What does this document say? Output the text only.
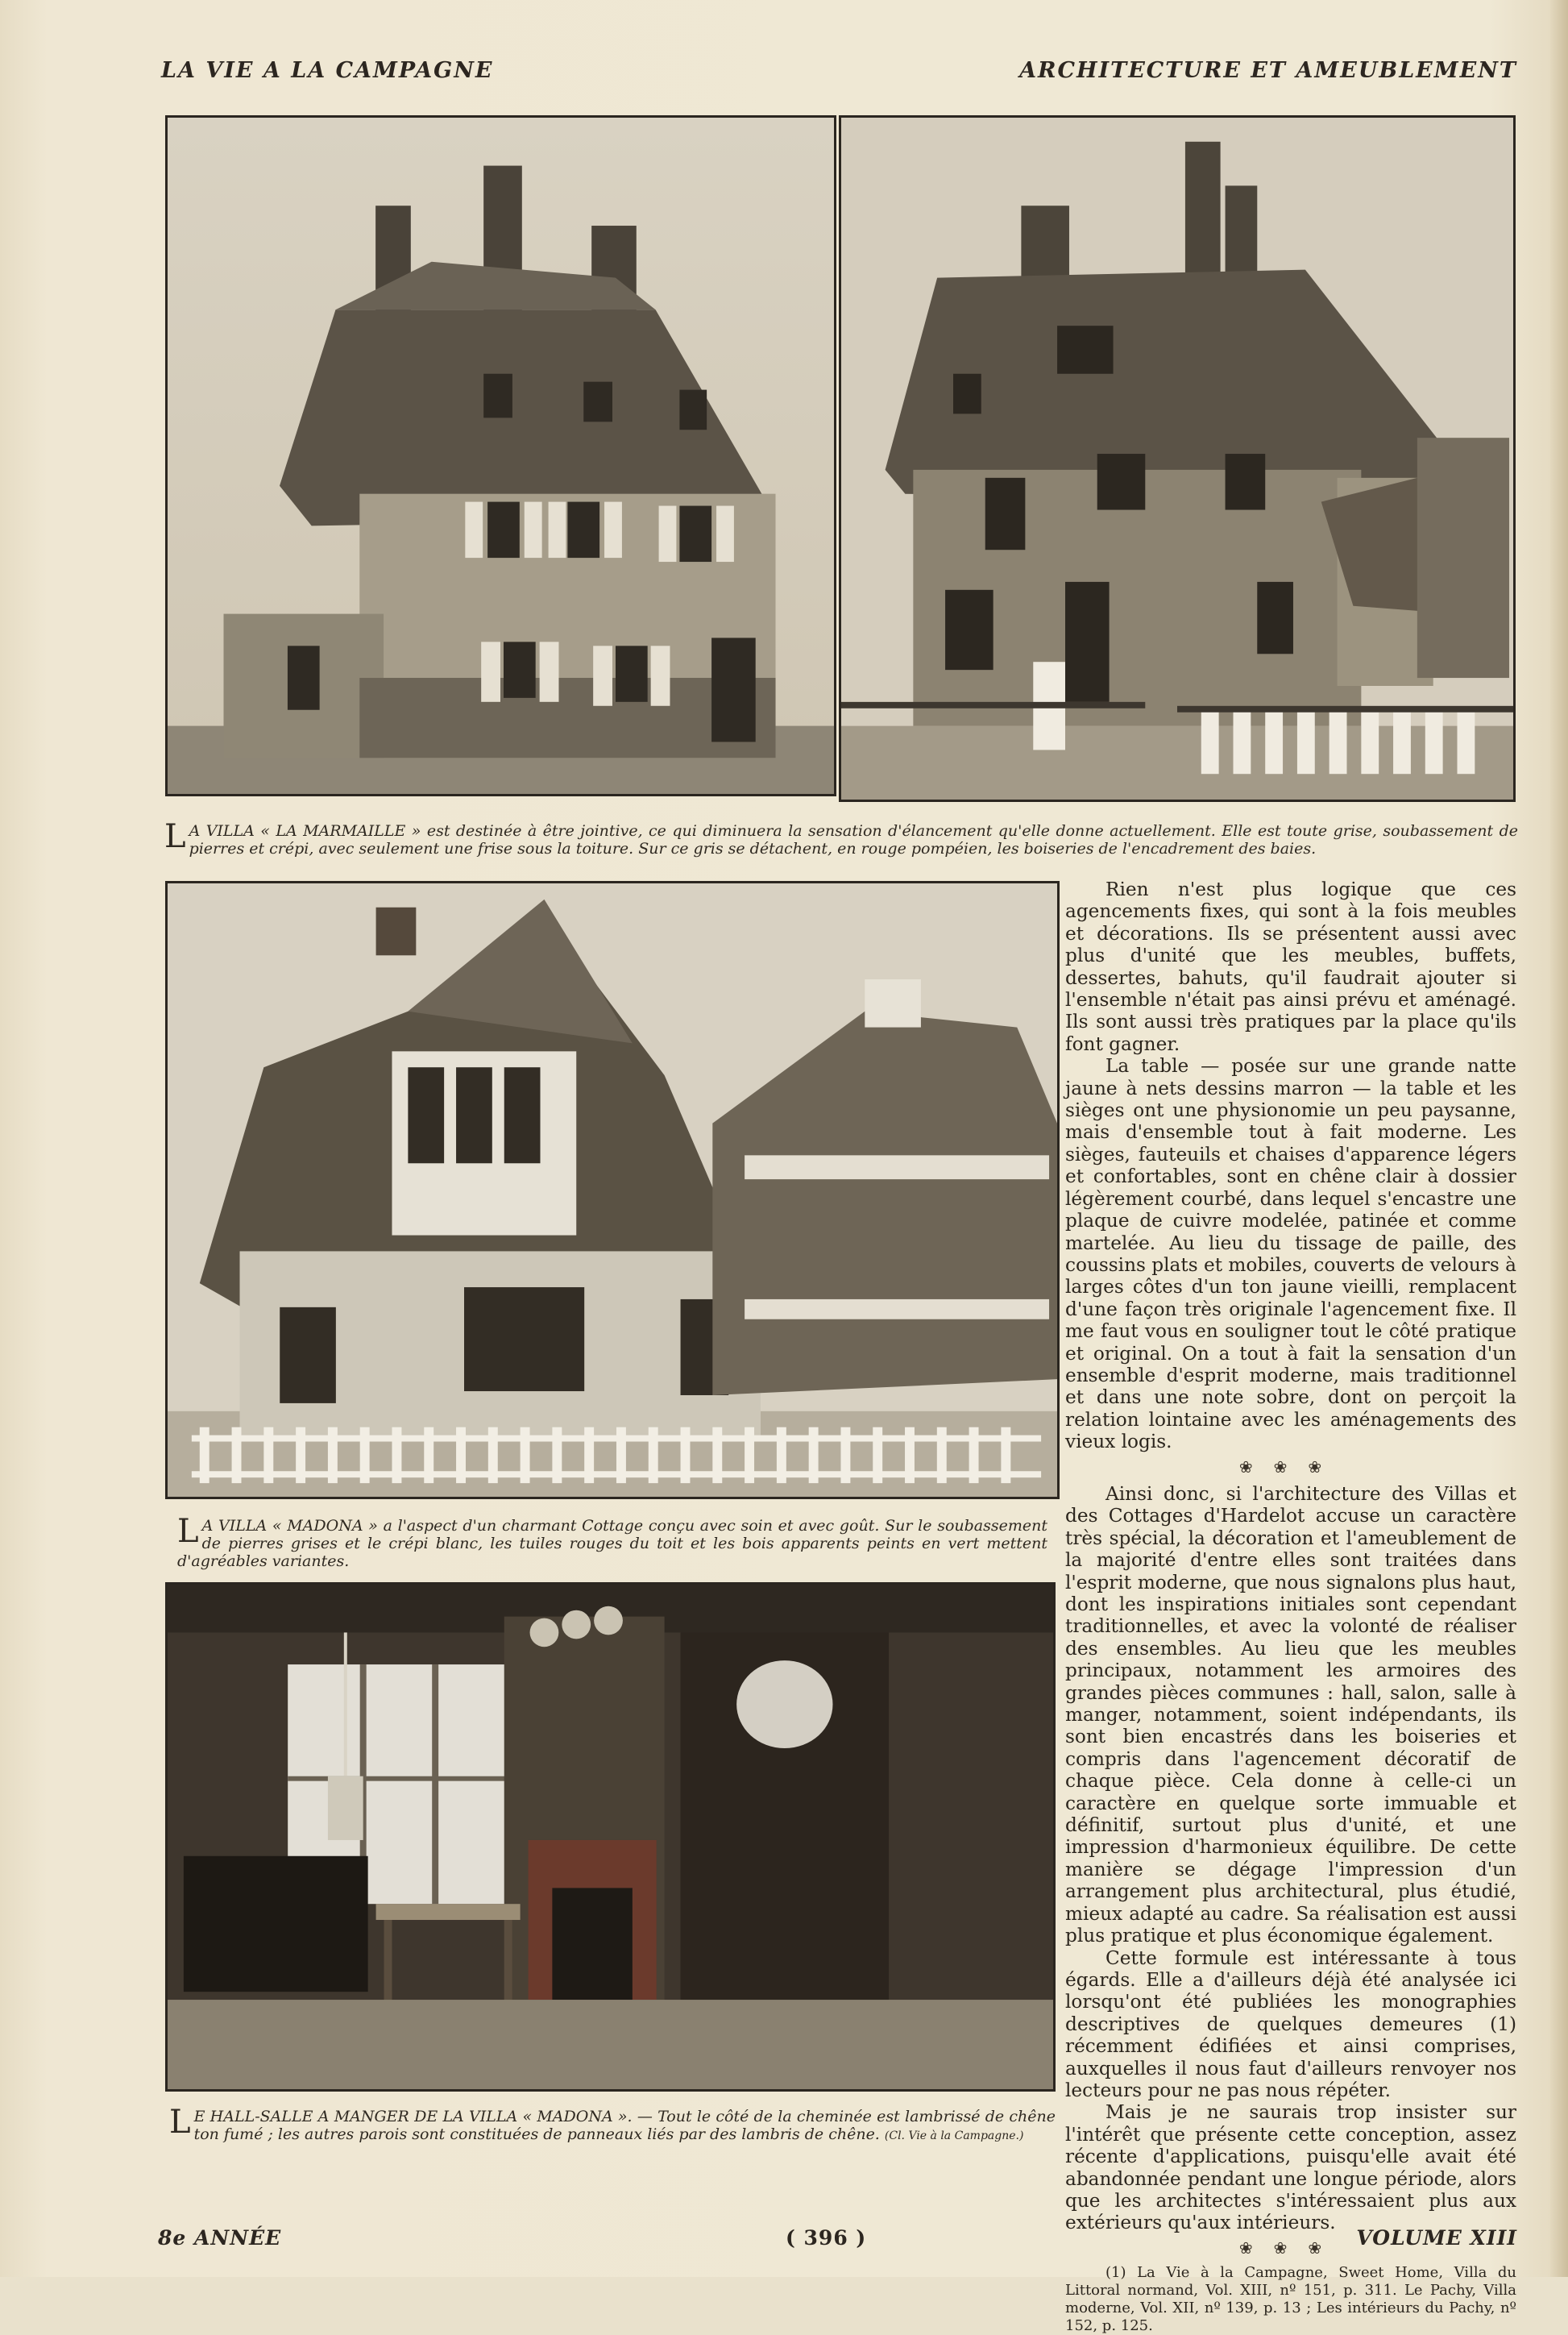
LA VIE A LA CAMPAGNE	ARCHITECTURE ET AMEUBLEMENT
L A VILLA « LA MARMAILLE » est destinée à être jointive, ce qui diminuera la sensation d'élancement qu'elle donne actuellement. Elle est toute grise, soubassement de pierres et crépi, avec seulement une frise sous la toiture. Sur ce gris se détachent, en rouge pompéien, les boiseries de l'encadrement des baies.
L A VILLA « MADONA » a l'aspect d'un charmant Cottage conçu avec soin et avec goût. Sur le soubassement de pierres grises et le crépi blanc, les tuiles rouges du toit et les bois apparents peints en vert mettent d'agréables variantes.
L E HALL-SALLE A MANGER DE LA VILLA « MADONA ». — Tout le côté de la cheminée est lambrissé de chêne ton fumé ; les autres parois sont constituées de panneaux liés par des lambris de chêne. (Cl. Vie à la Campagne.)

Rien n'est plus logique que ces agencements fixes, qui sont à la fois meubles et décorations. Ils se présentent aussi avec plus d'unité que les meubles, buffets, dessertes, bahuts, qu'il faudrait ajouter si l'ensemble n'était pas ainsi prévu et aménagé. Ils sont aussi très pratiques par la place qu'ils font gagner.

La table — posée sur une grande natte jaune à nets dessins marron — la table et les sièges ont une physionomie un peu paysanne, mais d'ensemble tout à fait moderne. Les sièges, fauteuils et chaises d'apparence légers et confortables, sont en chêne clair à dossier légèrement courbé, dans lequel s'encastre une plaque de cuivre modelée, patinée et comme martelée. Au lieu du tissage de paille, des coussins plats et mobiles, couverts de velours à larges côtes d'un ton jaune vieilli, remplacent d'une façon très originale l'agencement fixe. Il me faut vous en souligner tout le côté pratique et original. On a tout à fait la sensation d'un ensemble d'esprit moderne, mais traditionnel et dans une note sobre, dont on perçoit la relation lointaine avec les aménagements des vieux logis.

❀❀❀

Ainsi donc, si l'architecture des Villas et des Cottages d'Hardelot accuse un caractère très spécial, la décoration et l'ameublement de la majorité d'entre elles sont traitées dans l'esprit moderne, que nous signalons plus haut, dont les inspirations initiales sont cependant traditionnelles, et avec la volonté de réaliser des ensembles. Au lieu que les meubles principaux, notamment les armoires des grandes pièces communes : hall, salon, salle à manger, notamment, soient indépendants, ils sont bien encastrés dans les boiseries et compris dans l'agencement décoratif de chaque pièce. Cela donne à celle-ci un caractère en quelque sorte immuable et définitif, surtout plus d'unité, et une impression d'harmonieux équilibre. De cette manière se dégage l'impression d'un arrangement plus architectural, plus étudié, mieux adapté au cadre. Sa réalisation est aussi plus pratique et plus économique également.

Cette formule est intéressante à tous égards. Elle a d'ailleurs déjà été analysée ici lorsqu'ont été publiées les monographies descriptives de quelques demeures (1) récemment édifiées et ainsi comprises, auxquelles il nous faut d'ailleurs renvoyer nos lecteurs pour ne pas nous répéter.

Mais je ne saurais trop insister sur l'intérêt que présente cette conception, assez récente d'applications, puisqu'elle avait été abandonnée pendant une longue période, alors que les architectes s'intéressaient plus aux extérieurs qu'aux intérieurs.

❀❀❀

(1) La Vie à la Campagne, Sweet Home, Villa du Littoral normand, Vol. XIII, nº 151, p. 311. Le Pachy, Villa moderne, Vol. XII, nº 139, p. 13 ; Les intérieurs du Pachy, nº 152, p. 125.

8e ANNÉE	( 396 )	VOLUME XIII
